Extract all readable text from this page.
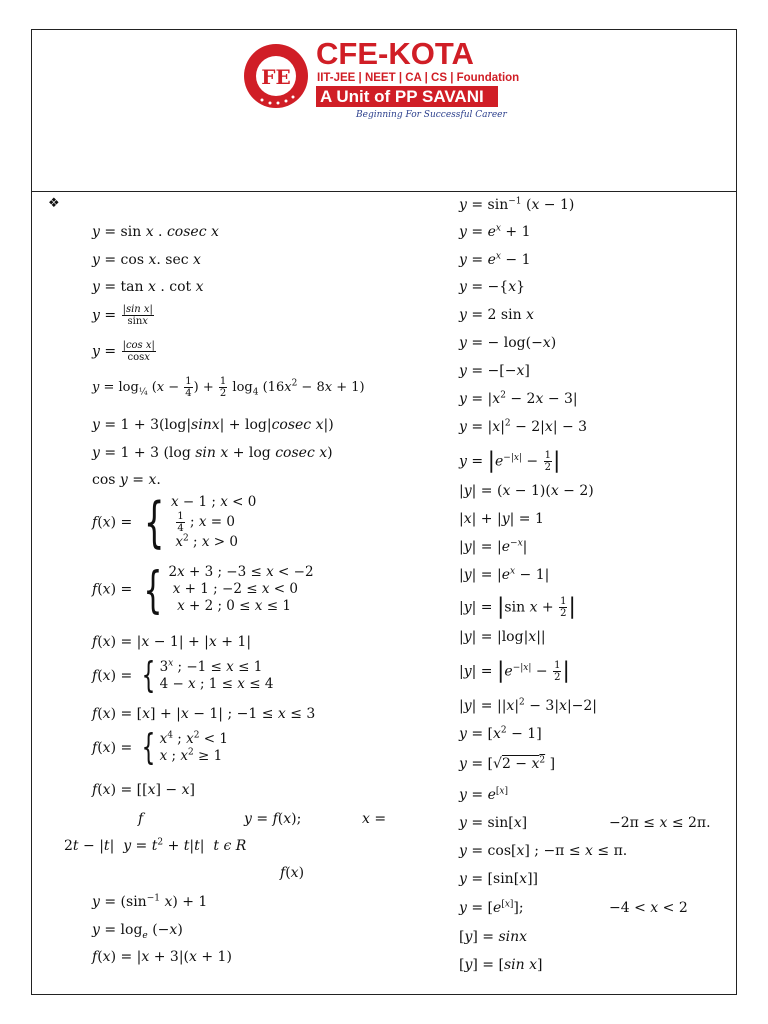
FE
CFE-KOTA
IIT-JEE | NEET | CA | CS | Foundation
A Unit of PP SAVANI
Beginning For Successful Career
❖
y = sin x . cosec x
y = cos x. sec x
y = tan x . cot x
$y = \frac{\text{|sin x|}}{\sin x}$
$y = \frac{\text{|cos x|}}{\cos x}$
$y = \log_{\frac{1}{4}} (x - \frac{1}{4}$ ) + $\frac{1}{2} \log_4 (16x^2 - 8x + 1)$
y = 1 + 3(log|sinx| + log|cosec x|)
y = 1 + 3 (log sin x + log cosec x)
cos y = x.
f(x) = { x − 1 ; x < 0

$\frac{1}{4}$ ; x = 0
$x^2$ ; x > 0
f(x) = { 2x + 3 ; −3 ≤ x < −2
x + 1 ; −2 ≤ x < 0
x + 2 ; 0 ≤ x ≤ 1
f(x) = |x − 1| + |x + 1|
f(x) = { 3$^x$ ; −1 ≤ x ≤ 1
4 − x ; 1 ≤ x ≤ 4
f(x) = [x] + |x − 1| ; −1 ≤ x ≤ 3
f(x) = { $x^4$ ; $x^2 < 1$
x ; $x^2 \ge 1$
f(x) = [[x] − x]
f	y = f(x);	x =
2t − |t|  $y = t^2 + t|t|$  t ϵ R
f(x)
$y = (\sin^{-1}$ x) + 1
$y = \log_e (-x)$
f(x) = |x + 3|(x + 1)
$y = \sin^{-1} (x - 1)$
$y = e^x + 1$
$y = e^x - 1$
y = −{x}
y = 2 sin x
y = − log(−x)
y = −[−x]
$y = |x^2 - 2x - 3|$
$y = |x|^2 - 2|x| - 3$
$y = |e^{-|x|} - \frac{1}{2}$ |
|y| = (x − 1)(x − 2)
|x| + |y| = 1
$|y| = |e^{-x}|$
$|y| = |e^x - 1|$
|y| = |sin $x + \frac{1}{2}$ |
|y| = |log|x||
$|y| = |e^{-|x|} - \frac{1}{2}$ |
$|y| = ||x|^2 - 3|x|-2|$
$y = [x^2 - 1]$
$y = [√2 - x^2$ ]
y = e[x]
y = sin[x]	−2π ≤ x ≤ 2π.
y = cos[x] ; −π ≤ x ≤ π.
y = [sin[x]]
y = [e[x]];	−4 < x < 2
[y] = sinx
[y] = [sin x]
